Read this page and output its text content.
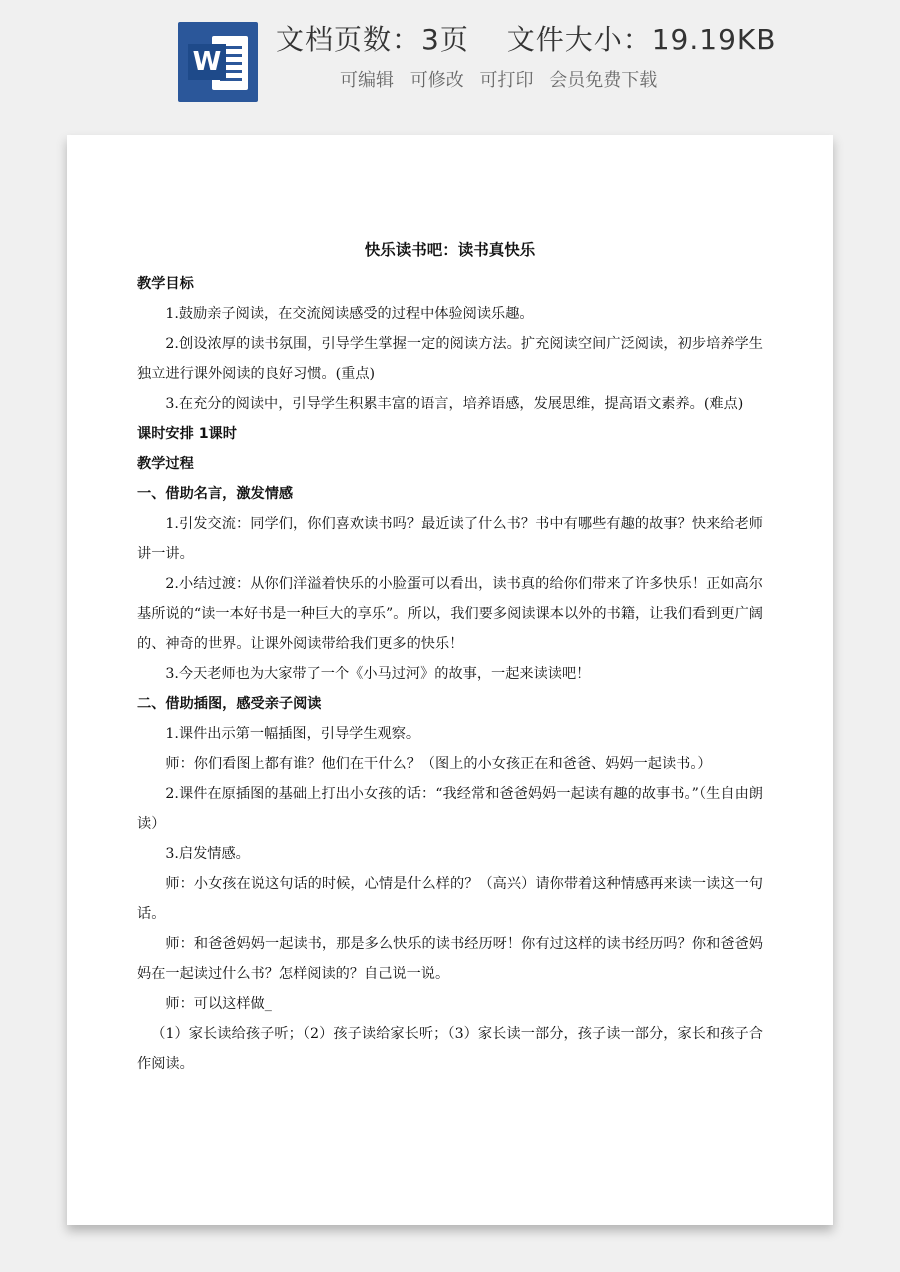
W
文档页数：3页 文件大小：19.19KB
可编辑 可修改 可打印 会员免费下载
快乐读书吧：读书真快乐

教学目标

1.鼓励亲子阅读，在交流阅读感受的过程中体验阅读乐趣。

2.创设浓厚的读书氛围，引导学生掌握一定的阅读方法。扩充阅读空间广泛阅读，初步培养学生独立进行课外阅读的良好习惯。(重点)

3.在充分的阅读中，引导学生积累丰富的语言，培养语感，发展思维，提高语文素养。(难点)

课时安排 1课时

教学过程

一、借助名言，激发情感

1.引发交流：同学们，你们喜欢读书吗？最近读了什么书？书中有哪些有趣的故事？快来给老师讲一讲。

2.小结过渡：从你们洋溢着快乐的小脸蛋可以看出，读书真的给你们带来了许多快乐！正如高尔基所说的“读一本好书是一种巨大的享乐”。所以，我们要多阅读课本以外的书籍，让我们看到更广阔的、神奇的世界。让课外阅读带给我们更多的快乐！

3.今天老师也为大家带了一个《小马过河》的故事，一起来读读吧！

二、借助插图，感受亲子阅读

1.课件出示第一幅插图，引导学生观察。

师：你们看图上都有谁？他们在干什么？（图上的小女孩正在和爸爸、妈妈一起读书。）

2.课件在原插图的基础上打出小女孩的话：“我经常和爸爸妈妈一起读有趣的故事书。”（生自由朗读）

3.启发情感。

师：小女孩在说这句话的时候，心情是什么样的？（高兴）请你带着这种情感再来读一读这一句话。

师：和爸爸妈妈一起读书，那是多么快乐的读书经历呀！你有过这样的读书经历吗？你和爸爸妈妈在一起读过什么书？怎样阅读的？自己说一说。

师：可以这样做_

（1）家长读给孩子听；（2）孩子读给家长听；（3）家长读一部分，孩子读一部分，家长和孩子合作阅读。
